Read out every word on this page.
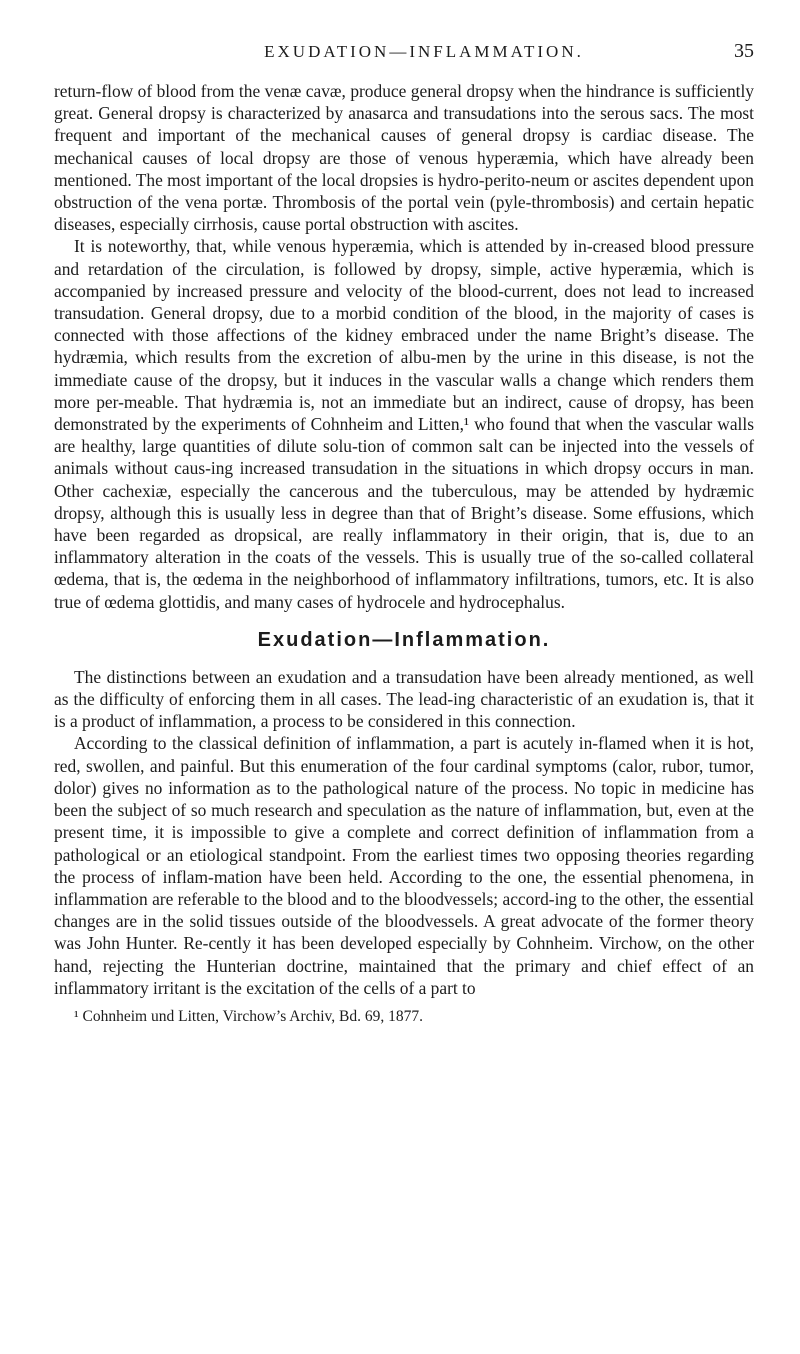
EXUDATION—INFLAMMATION.	35

return-flow of blood from the venæ cavæ, produce general dropsy when the hindrance is sufficiently great. General dropsy is characterized by anasarca and transudations into the serous sacs. The most frequent and important of the mechanical causes of general dropsy is cardiac disease. The mechanical causes of local dropsy are those of venous hyperæmia, which have already been mentioned. The most important of the local dropsies is hydro-perito-neum or ascites dependent upon obstruction of the vena portæ. Thrombosis of the portal vein (pyle-thrombosis) and certain hepatic diseases, especially cirrhosis, cause portal obstruction with ascites.

It is noteworthy, that, while venous hyperæmia, which is attended by in-creased blood pressure and retardation of the circulation, is followed by dropsy, simple, active hyperæmia, which is accompanied by increased pressure and velocity of the blood-current, does not lead to increased transudation. General dropsy, due to a morbid condition of the blood, in the majority of cases is connected with those affections of the kidney embraced under the name Bright’s disease. The hydræmia, which results from the excretion of albu-men by the urine in this disease, is not the immediate cause of the dropsy, but it induces in the vascular walls a change which renders them more per-meable. That hydræmia is, not an immediate but an indirect, cause of dropsy, has been demonstrated by the experiments of Cohnheim and Litten,¹ who found that when the vascular walls are healthy, large quantities of dilute solu-tion of common salt can be injected into the vessels of animals without caus-ing increased transudation in the situations in which dropsy occurs in man. Other cachexiæ, especially the cancerous and the tuberculous, may be attended by hydræmic dropsy, although this is usually less in degree than that of Bright’s disease. Some effusions, which have been regarded as dropsical, are really inflammatory in their origin, that is, due to an inflammatory alteration in the coats of the vessels. This is usually true of the so-called collateral œdema, that is, the œdema in the neighborhood of inflammatory infiltrations, tumors, etc. It is also true of œdema glottidis, and many cases of hydrocele and hydrocephalus.

Exudation—Inflammation.

The distinctions between an exudation and a transudation have been already mentioned, as well as the difficulty of enforcing them in all cases. The lead-ing characteristic of an exudation is, that it is a product of inflammation, a process to be considered in this connection.

According to the classical definition of inflammation, a part is acutely in-flamed when it is hot, red, swollen, and painful. But this enumeration of the four cardinal symptoms (calor, rubor, tumor, dolor) gives no information as to the pathological nature of the process. No topic in medicine has been the subject of so much research and speculation as the nature of inflammation, but, even at the present time, it is impossible to give a complete and correct definition of inflammation from a pathological or an etiological standpoint. From the earliest times two opposing theories regarding the process of inflam-mation have been held. According to the one, the essential phenomena, in inflammation are referable to the blood and to the bloodvessels; accord-ing to the other, the essential changes are in the solid tissues outside of the bloodvessels. A great advocate of the former theory was John Hunter. Re-cently it has been developed especially by Cohnheim. Virchow, on the other hand, rejecting the Hunterian doctrine, maintained that the primary and chief effect of an inflammatory irritant is the excitation of the cells of a part to

¹ Cohnheim und Litten, Virchow’s Archiv, Bd. 69, 1877.
